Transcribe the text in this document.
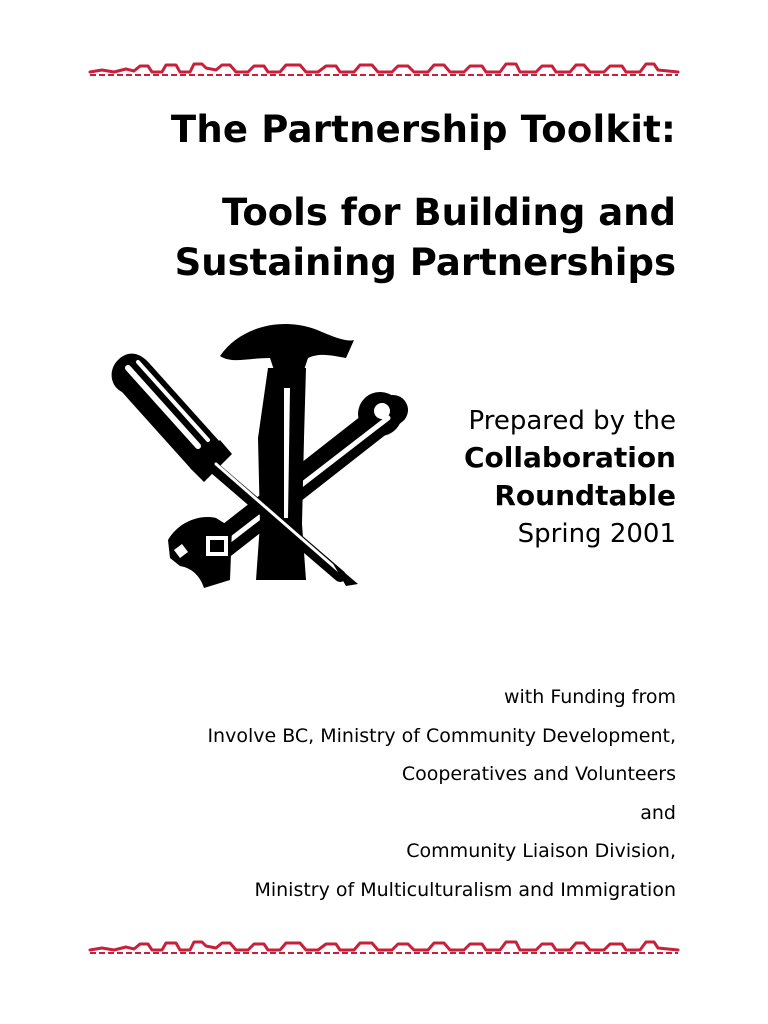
The Partnership Toolkit:
Tools for Building and
Sustaining Partnerships
Prepared by the
Collaboration
Roundtable
Spring 2001
with Funding from
Involve BC, Ministry of Community Development,
Cooperatives and Volunteers
and
Community Liaison Division,
Ministry of Multiculturalism and Immigration
